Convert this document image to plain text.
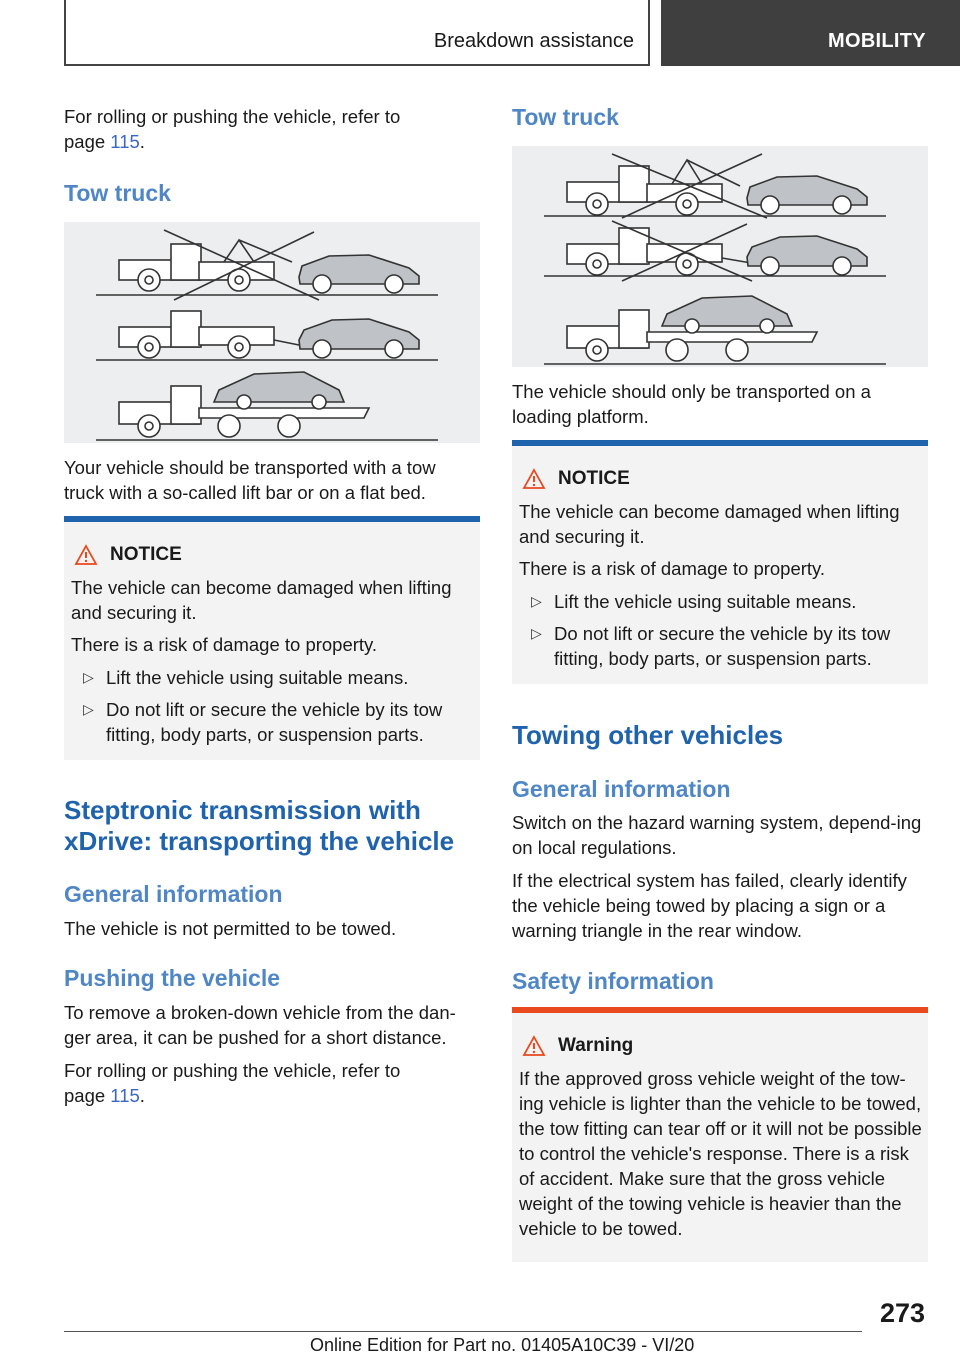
Breakdown assistance	MOBILITY
For rolling or pushing the vehicle, refer to
page 115.
Tow truck
Your vehicle should be transported with a tow truck with a so-called lift bar or on a flat bed.
NOTICE
The vehicle can become damaged when lifting and securing it.
There is a risk of damage to property.
▷ Lift the vehicle using suitable means.
▷ Do not lift or secure the vehicle by its tow fitting, body parts, or suspension parts.
Steptronic transmission with xDrive: transporting the vehicle
General information
The vehicle is not permitted to be towed.
Pushing the vehicle
To remove a broken-down vehicle from the dan-ger area, it can be pushed for a short distance.
For rolling or pushing the vehicle, refer to
page 115.
Tow truck
The vehicle should only be transported on a loading platform.
NOTICE
The vehicle can become damaged when lifting and securing it.
There is a risk of damage to property.
▷ Lift the vehicle using suitable means.
▷ Do not lift or secure the vehicle by its tow fitting, body parts, or suspension parts.
Towing other vehicles
General information
Switch on the hazard warning system, depend-ing on local regulations.
If the electrical system has failed, clearly identify the vehicle being towed by placing a sign or a warning triangle in the rear window.
Safety information
Warning
If the approved gross vehicle weight of the tow-ing vehicle is lighter than the vehicle to be towed, the tow fitting can tear off or it will not be possible to control the vehicle's response. There is a risk of accident. Make sure that the gross vehicle weight of the towing vehicle is heavier than the vehicle to be towed.
273
Online Edition for Part no. 01405A10C39 - VI/20
